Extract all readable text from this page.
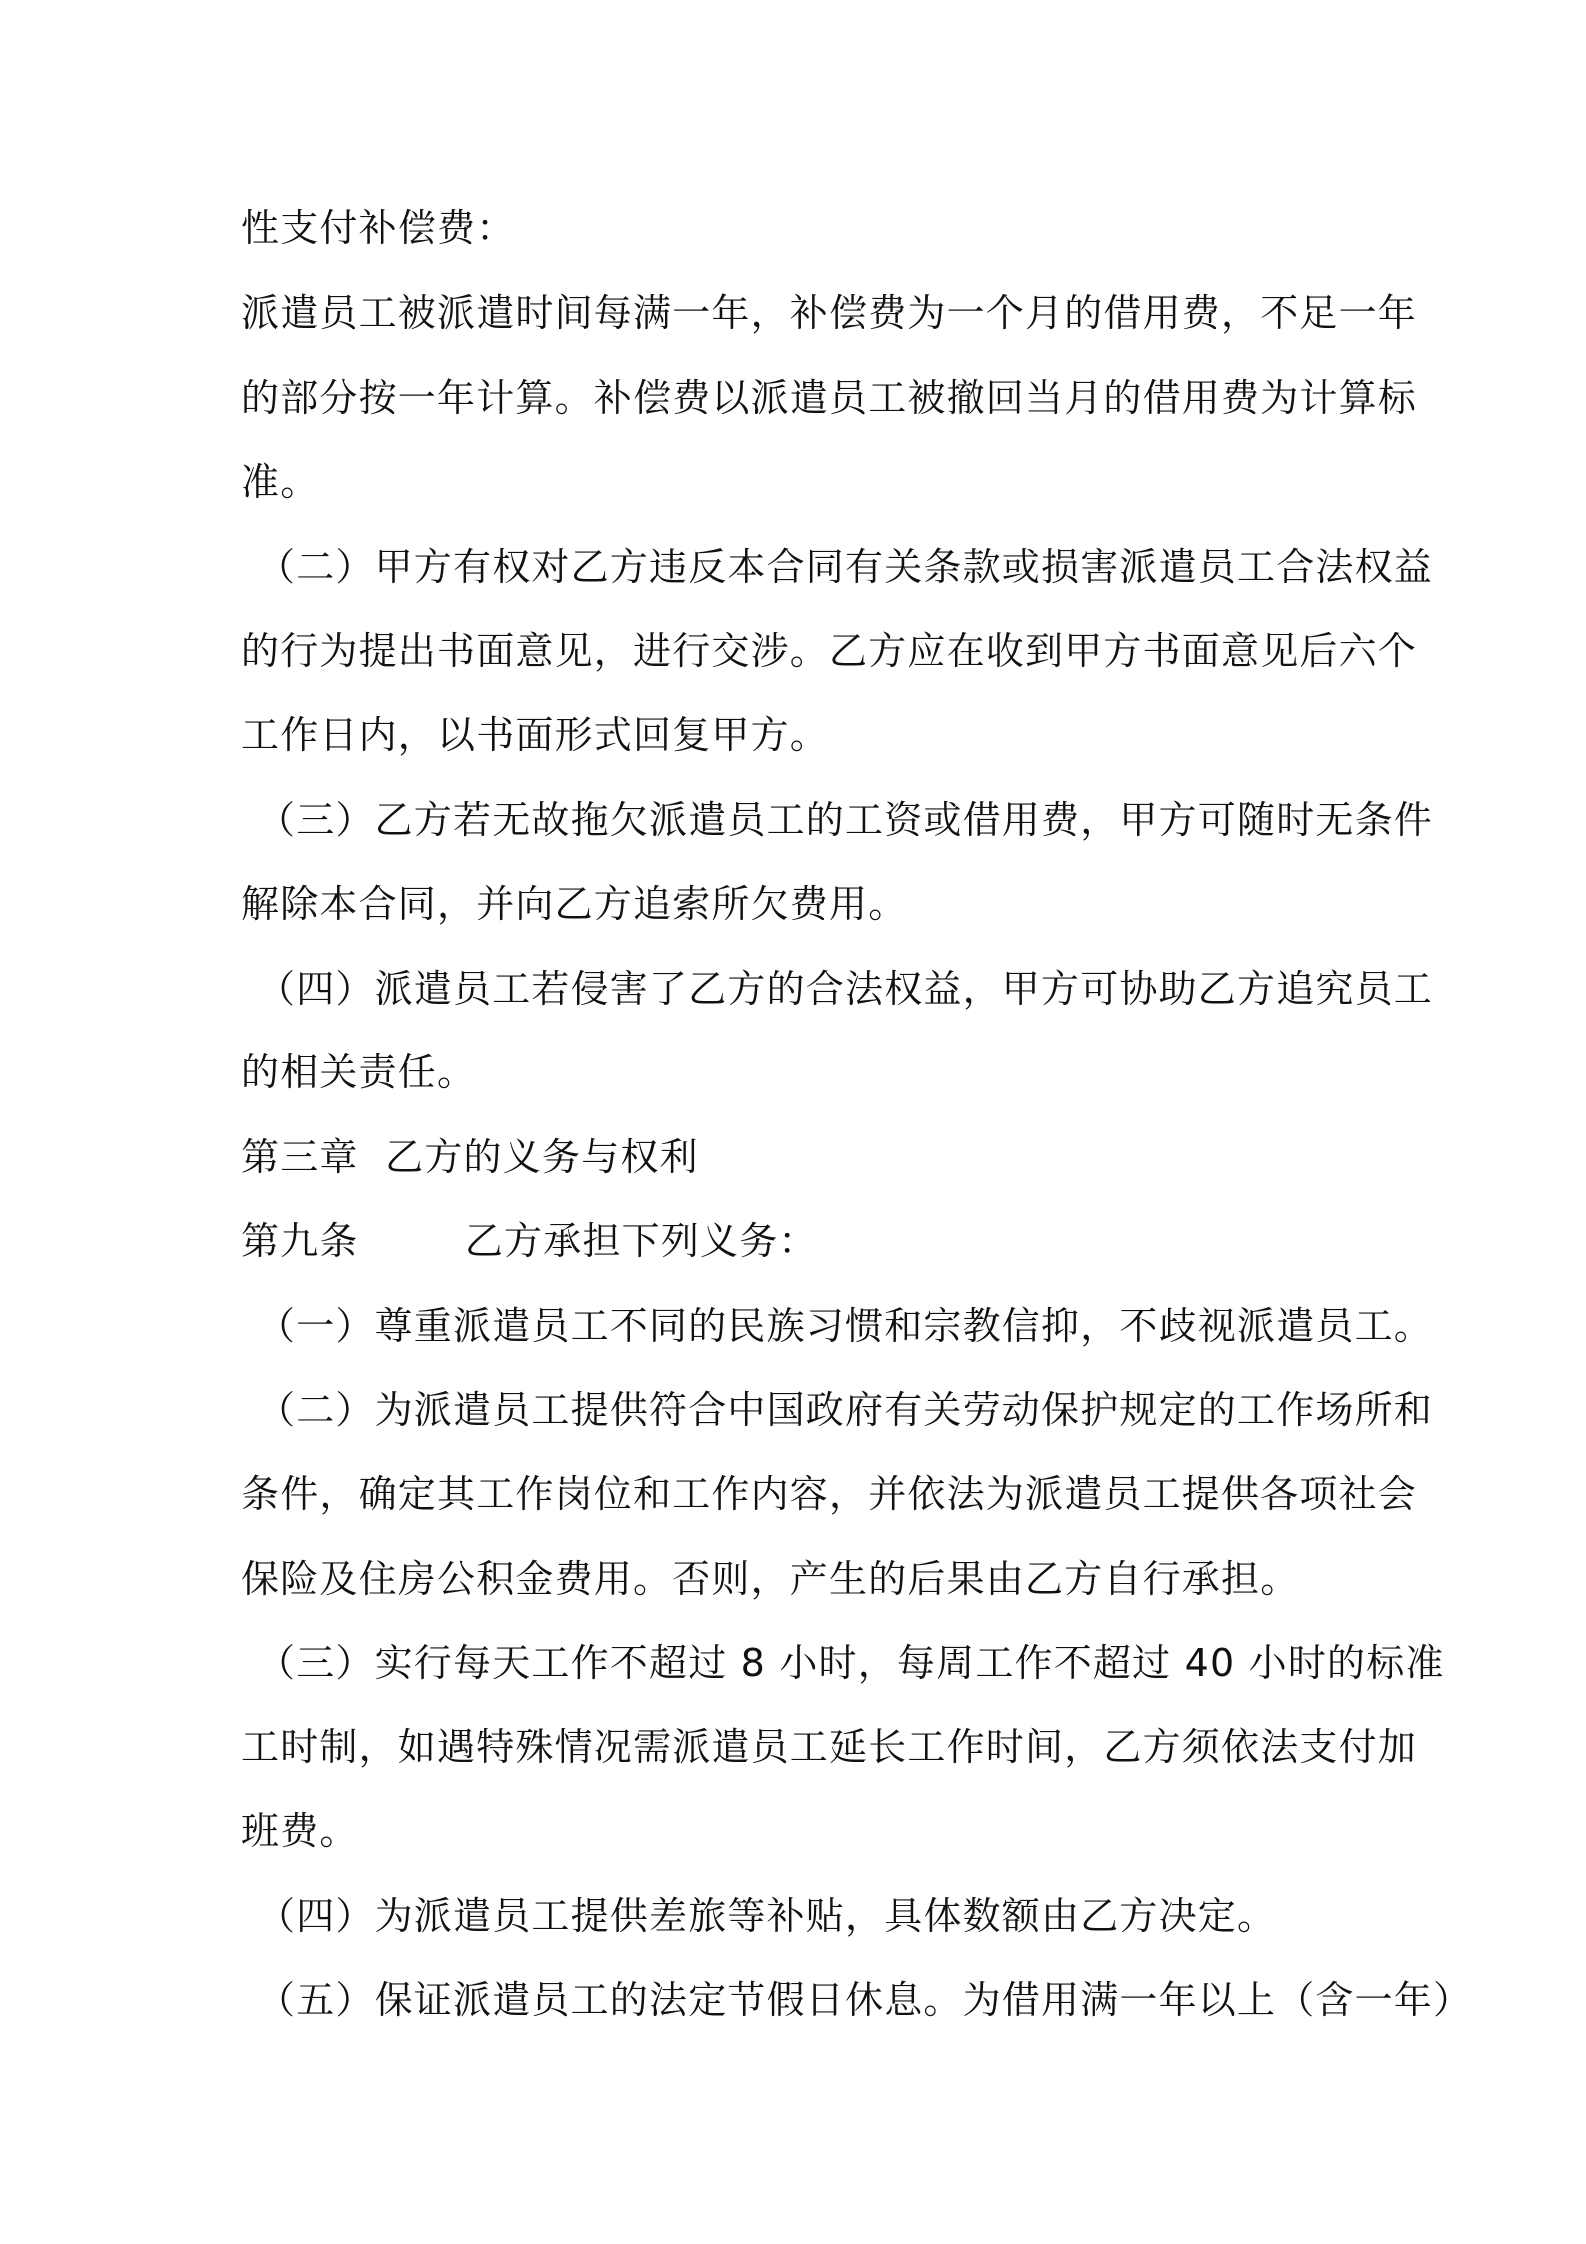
性支付补偿费：
派遣员工被派遣时间每满一年，补偿费为一个月的借用费，不足一年
的部分按一年计算。补偿费以派遣员工被撤回当月的借用费为计算标
准。
（二）甲方有权对乙方违反本合同有关条款或损害派遣员工合法权益
的行为提出书面意见，进行交涉。乙方应在收到甲方书面意见后六个
工作日内，以书面形式回复甲方。
（三）乙方若无故拖欠派遣员工的工资或借用费，甲方可随时无条件
解除本合同，并向乙方追索所欠费用。
（四）派遣员工若侵害了乙方的合法权益，甲方可协助乙方追究员工
的相关责任。
第三章  乙方的义务与权利
第九条        乙方承担下列义务：
（一）尊重派遣员工不同的民族习惯和宗教信抑，不歧视派遣员工。
（二）为派遣员工提供符合中国政府有关劳动保护规定的工作场所和
条件，确定其工作岗位和工作内容，并依法为派遣员工提供各项社会
保险及住房公积金费用。否则，产生的后果由乙方自行承担。
（三）实行每天工作不超过 8 小时，每周工作不超过 40 小时的标准
工时制，如遇特殊情况需派遣员工延长工作时间，乙方须依法支付加
班费。
（四）为派遣员工提供差旅等补贴，具体数额由乙方决定。
（五）保证派遣员工的法定节假日休息。为借用满一年以上（含一年）
